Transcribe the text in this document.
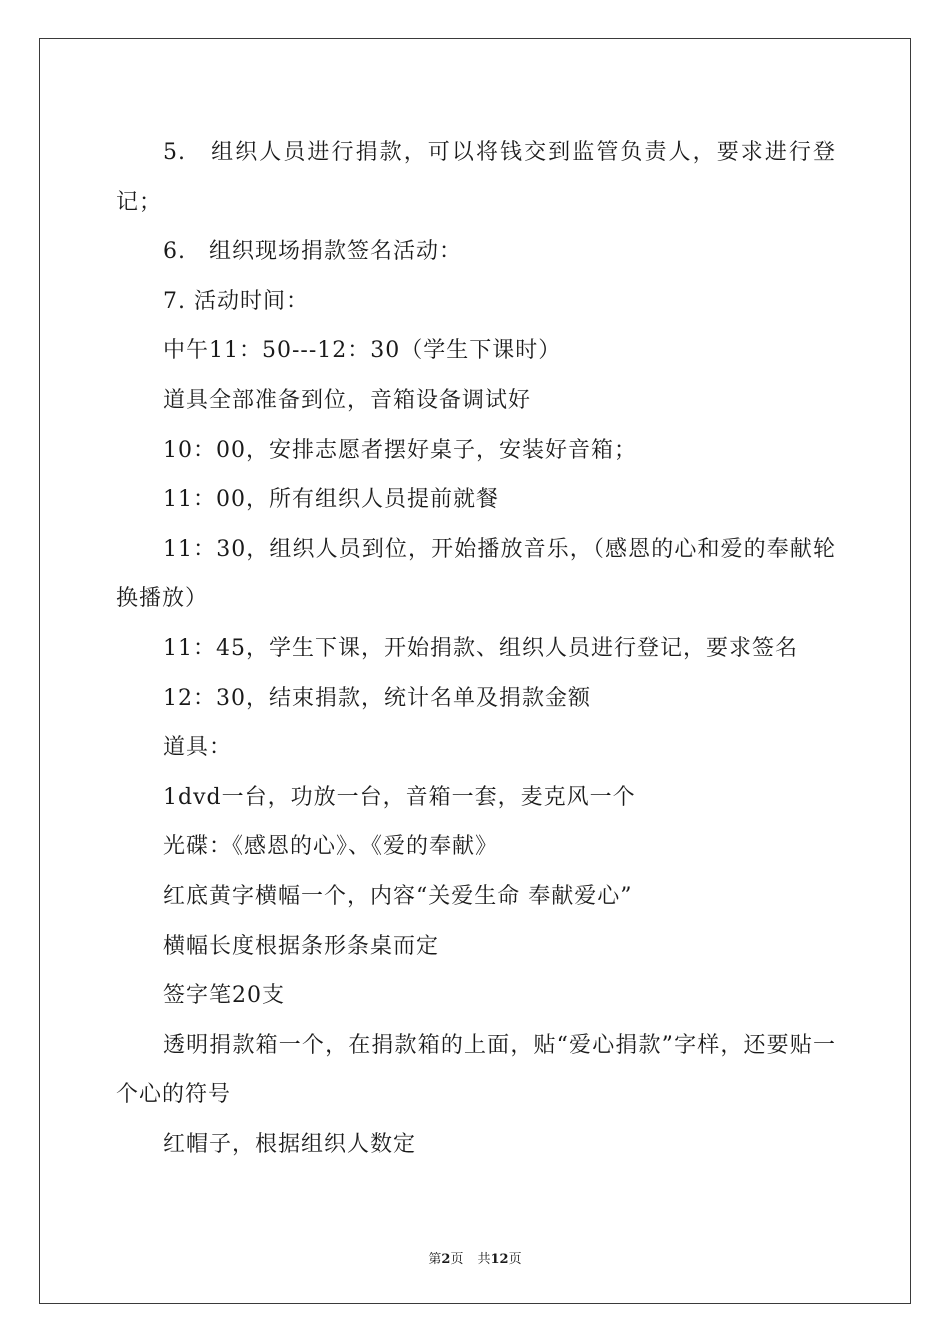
5.　组织人员进行捐款，可以将钱交到监管负责人，要求进行登记；

6.　组织现场捐款签名活动：

7. 活动时间：

中午11：50---12：30（学生下课时）

道具全部准备到位，音箱设备调试好

10：00，安排志愿者摆好桌子，安装好音箱；

11：00，所有组织人员提前就餐

11：30，组织人员到位，开始播放音乐，（感恩的心和爱的奉献轮换播放）

11：45，学生下课，开始捐款、组织人员进行登记，要求签名

12：30，结束捐款，统计名单及捐款金额

道具：

1dvd一台，功放一台，音箱一套，麦克风一个

光碟：《感恩的心》、《爱的奉献》

红底黄字横幅一个，内容“关爱生命 奉献爱心”

横幅长度根据条形条桌而定

签字笔20支

透明捐款箱一个，在捐款箱的上面，贴“爱心捐款”字样，还要贴一个心的符号

红帽子，根据组织人数定

第2页 共12页
